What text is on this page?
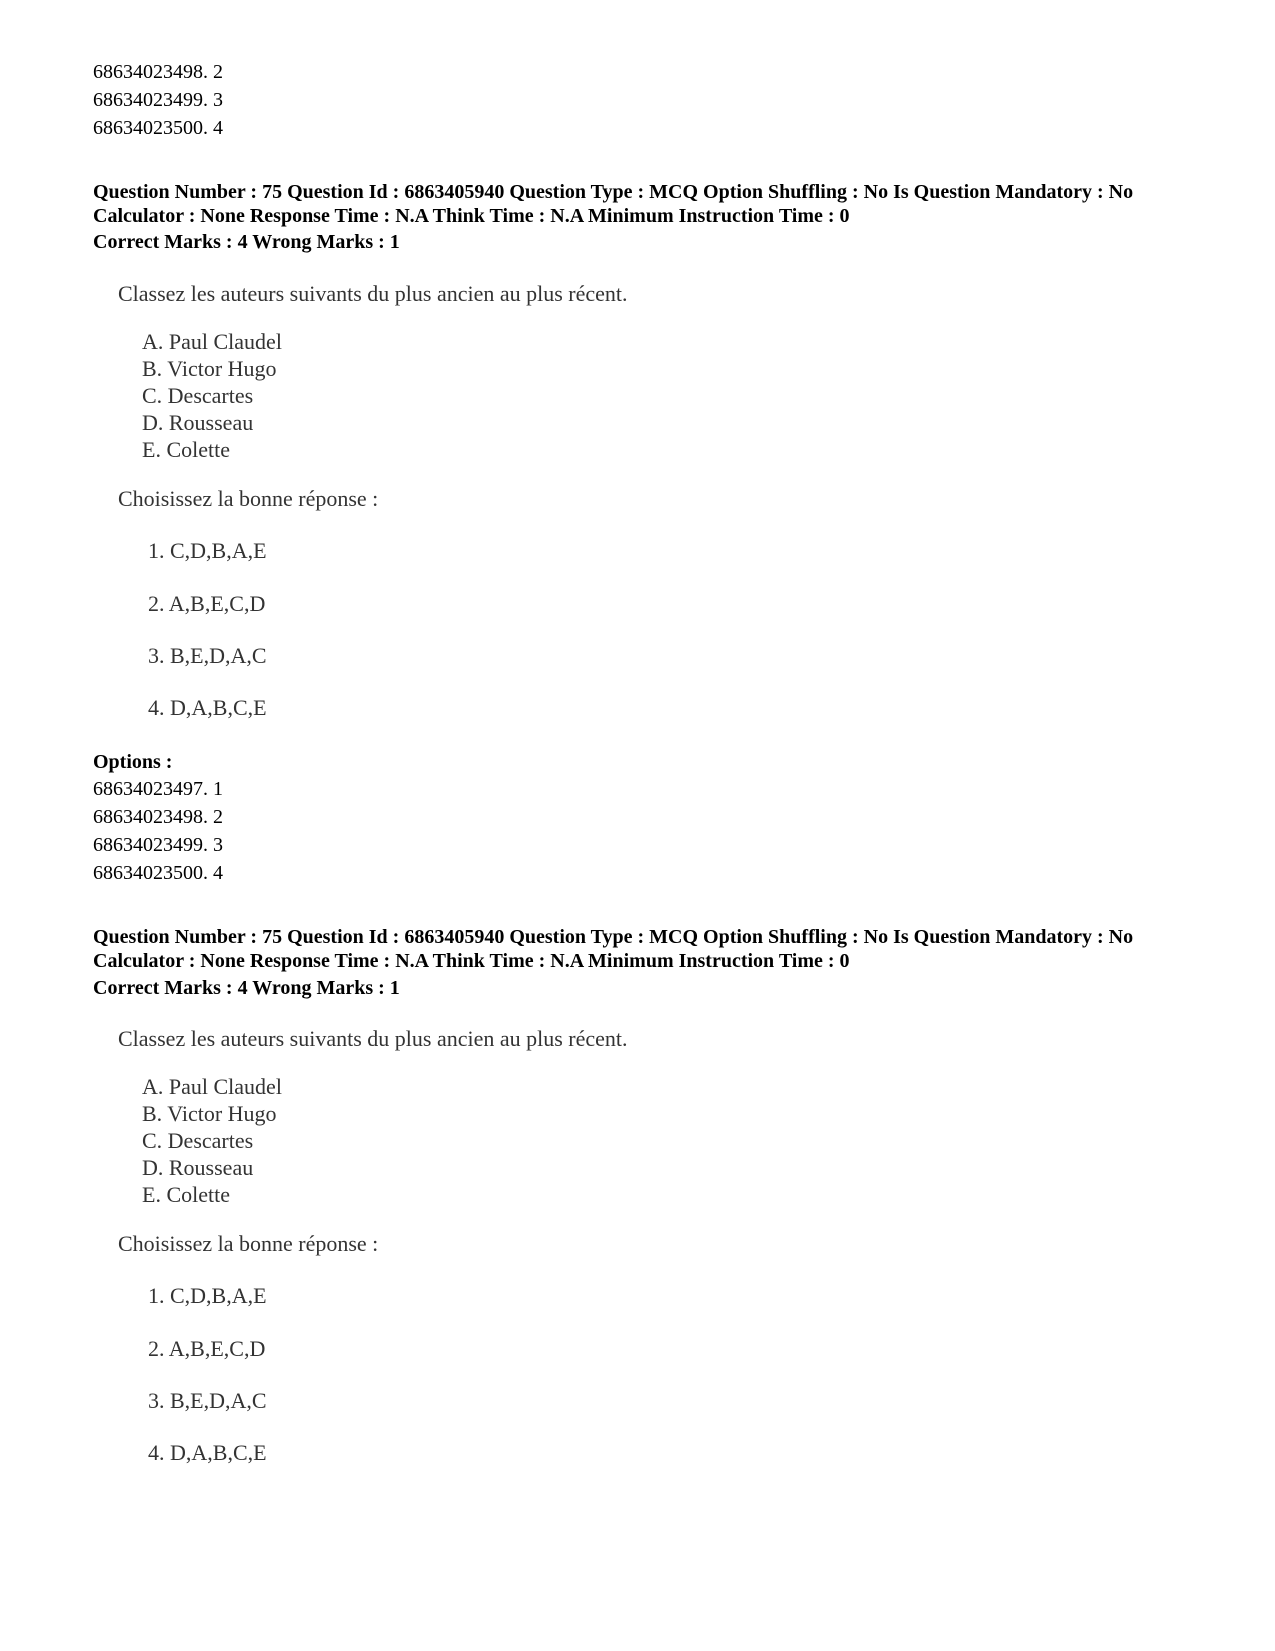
68634023498. 2
68634023499. 3
68634023500. 4
Question Number : 75 Question Id : 6863405940 Question Type : MCQ Option Shuffling : No Is Question Mandatory : No Calculator : None Response Time : N.A Think Time : N.A Minimum Instruction Time : 0
Correct Marks : 4 Wrong Marks : 1
Classez les auteurs suivants du plus ancien au plus récent.
A. Paul Claudel
B. Victor Hugo
C. Descartes
D. Rousseau
E. Colette
Choisissez la bonne réponse :
1. C,D,B,A,E
2. A,B,E,C,D
3. B,E,D,A,C
4. D,A,B,C,E
Options :
68634023497. 1
68634023498. 2
68634023499. 3
68634023500. 4
Question Number : 75 Question Id : 6863405940 Question Type : MCQ Option Shuffling : No Is Question Mandatory : No Calculator : None Response Time : N.A Think Time : N.A Minimum Instruction Time : 0
Correct Marks : 4 Wrong Marks : 1
Classez les auteurs suivants du plus ancien au plus récent.
A. Paul Claudel
B. Victor Hugo
C. Descartes
D. Rousseau
E. Colette
Choisissez la bonne réponse :
1. C,D,B,A,E
2. A,B,E,C,D
3. B,E,D,A,C
4. D,A,B,C,E
